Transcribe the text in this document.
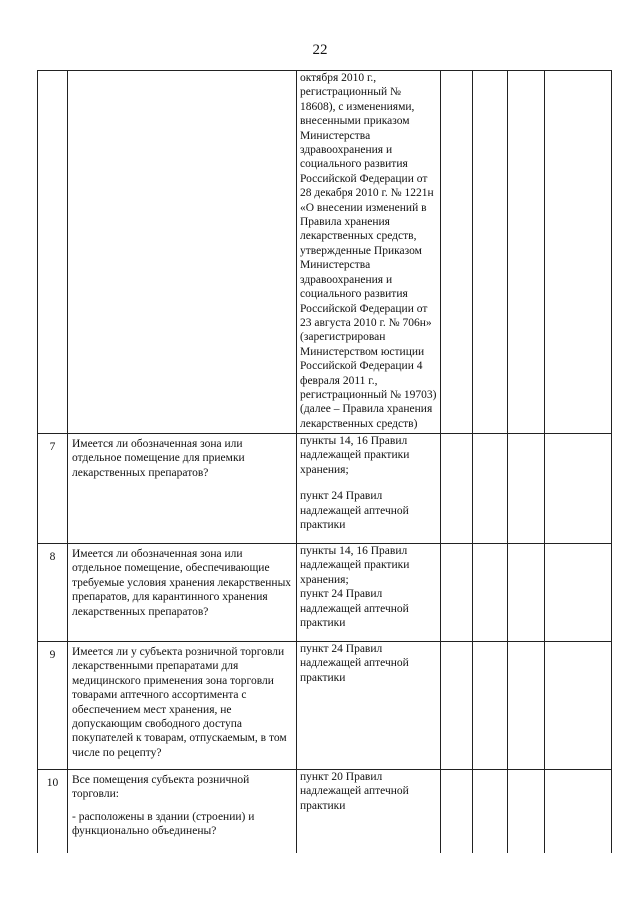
22

		октября 2010 г., регистрационный № 18608), с изменениями, внесенными приказом Министерства здравоохранения и социального развития Российской Федерации от 28 декабря 2010 г. № 1221н «О внесении изменений в Правила хранения лекарственных средств, утвержденные Приказом Министерства здравоохранения и социального развития Российской Федерации от 23 августа 2010 г. № 706н» (зарегистрирован Министерством юстиции Российской Федерации 4 февраля 2011 г., регистрационный № 19703) (далее – Правила хранения лекарственных средств)				

7	Имеется ли обозначенная зона или отдельное помещение для приемки лекарственных препаратов?	пункты 14, 16 Правил надлежащей практики хранения;
пункт 24 Правил надлежащей аптечной практики				

8	Имеется ли обозначенная зона или отдельное помещение, обеспечивающие требуемые условия хранения лекарственных препаратов, для карантинного хранения лекарственных препаратов?	пункты 14, 16 Правил надлежащей практики хранения;
пункт 24 Правил надлежащей аптечной практики				

9	Имеется ли у субъекта розничной торговли лекарственными препаратами для медицинского применения зона торговли товарами аптечного ассортимента с обеспечением мест хранения, не допускающим свободного доступа покупателей к товарам, отпускаемым, в том числе по рецепту?	пункт 24 Правил надлежащей аптечной практики				

10	Все помещения субъекта розничной торговли:
- расположены в здании (строении) и функционально объединены?	пункт 20 Правил надлежащей аптечной практики				
